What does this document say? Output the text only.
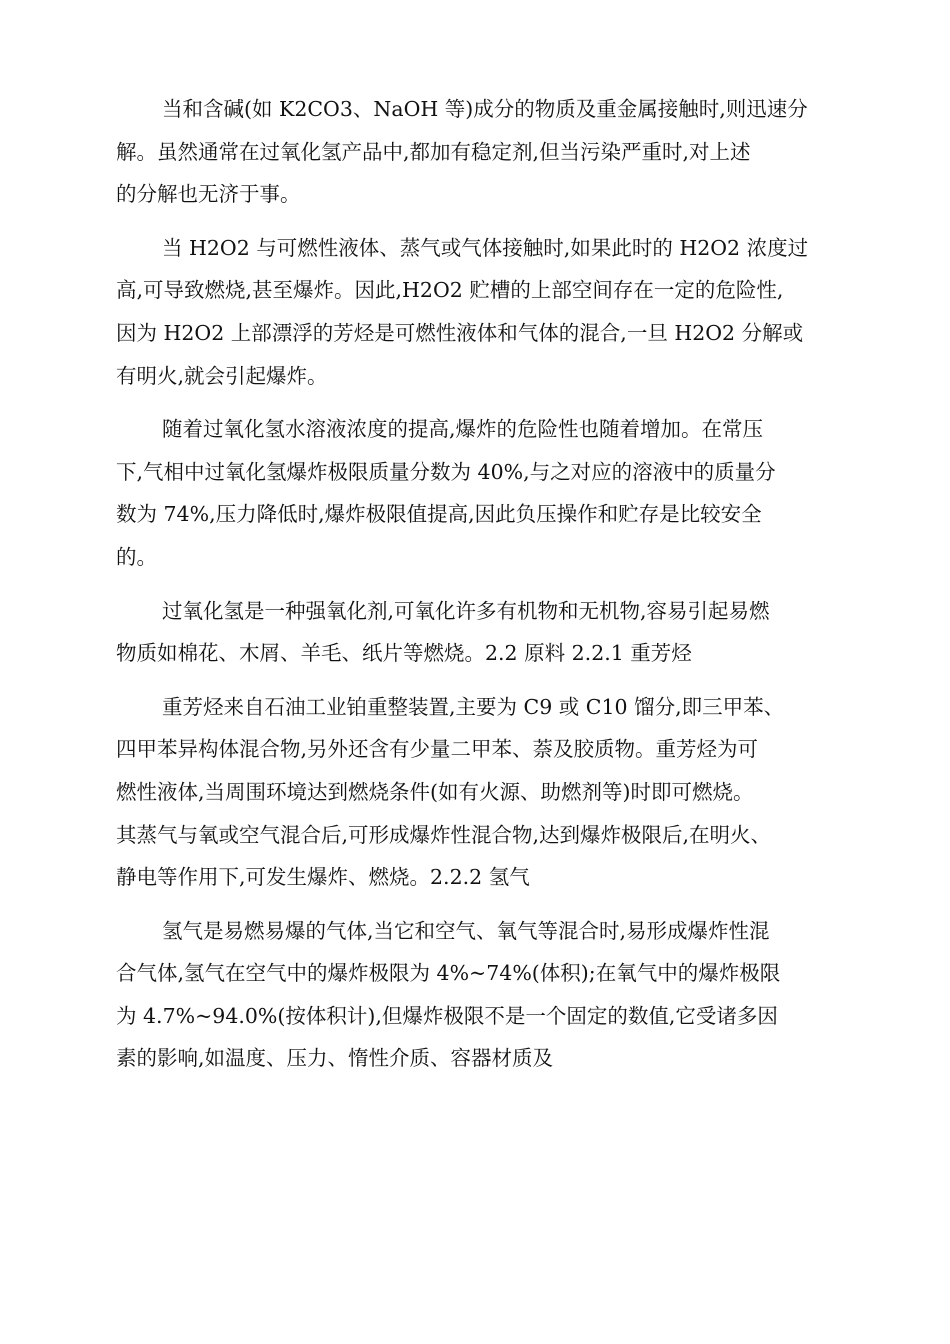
当和含碱(如 K2CO3、NaOH 等)成分的物质及重金属接触时,则迅速分
解。虽然通常在过氧化氢产品中,都加有稳定剂,但当污染严重时,对上述
的分解也无济于事。
当 H2O2 与可燃性液体、蒸气或气体接触时,如果此时的 H2O2 浓度过
高,可导致燃烧,甚至爆炸。因此,H2O2 贮槽的上部空间存在一定的危险性,
因为 H2O2 上部漂浮的芳烃是可燃性液体和气体的混合,一旦 H2O2 分解或
有明火,就会引起爆炸。
随着过氧化氢水溶液浓度的提高,爆炸的危险性也随着增加。在常压
下,气相中过氧化氢爆炸极限质量分数为 40%,与之对应的溶液中的质量分
数为 74%,压力降低时,爆炸极限值提高,因此负压操作和贮存是比较安全
的。
过氧化氢是一种强氧化剂,可氧化许多有机物和无机物,容易引起易燃
物质如棉花、木屑、羊毛、纸片等燃烧。2.2 原料 2.2.1 重芳烃
重芳烃来自石油工业铂重整装置,主要为 C9 或 C10 馏分,即三甲苯、
四甲苯异构体混合物,另外还含有少量二甲苯、萘及胶质物。重芳烃为可
燃性液体,当周围环境达到燃烧条件(如有火源、助燃剂等)时即可燃烧。
其蒸气与氧或空气混合后,可形成爆炸性混合物,达到爆炸极限后,在明火、
静电等作用下,可发生爆炸、燃烧。2.2.2 氢气
氢气是易燃易爆的气体,当它和空气、氧气等混合时,易形成爆炸性混
合气体,氢气在空气中的爆炸极限为 4%~74%(体积);在氧气中的爆炸极限
为 4.7%~94.0%(按体积计),但爆炸极限不是一个固定的数值,它受诸多因
素的影响,如温度、压力、惰性介质、容器材质及
